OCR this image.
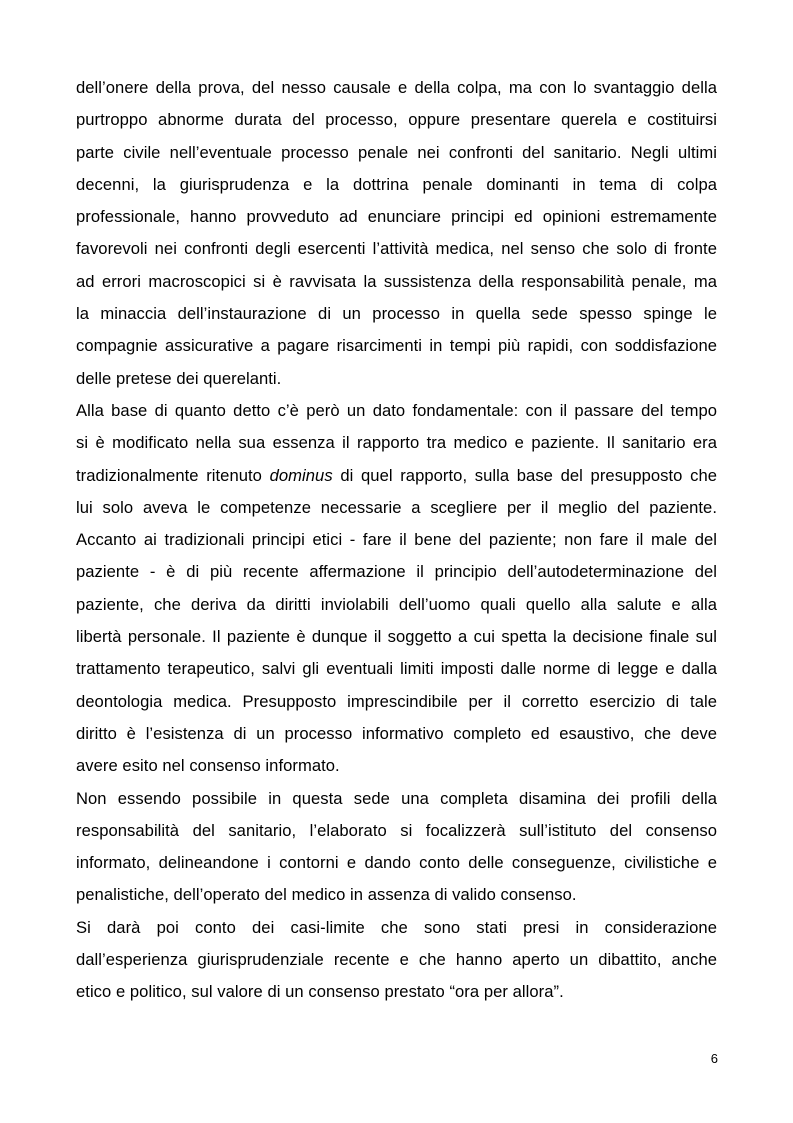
dell’onere della prova, del nesso causale e della colpa, ma con lo svantaggio della
purtroppo abnorme durata del processo, oppure presentare querela e costituirsi
parte civile nell’eventuale processo penale nei confronti del sanitario. Negli ultimi
decenni, la giurisprudenza e la dottrina penale dominanti in tema di colpa
professionale, hanno provveduto ad enunciare principi ed opinioni estremamente
favorevoli nei confronti degli esercenti l’attività medica, nel senso che solo di fronte
ad errori macroscopici si è ravvisata la sussistenza della responsabilità penale, ma
la minaccia dell’instaurazione di un processo in quella sede spesso spinge le
compagnie assicurative a pagare risarcimenti in tempi più rapidi, con soddisfazione
delle pretese dei querelanti.

Alla base di quanto detto c’è però un dato fondamentale: con il passare del tempo
si è modificato nella sua essenza il rapporto tra medico e paziente. Il sanitario era
tradizionalmente ritenuto dominus di quel rapporto, sulla base del presupposto che
lui solo aveva le competenze necessarie a scegliere per il meglio del paziente.
Accanto ai tradizionali principi etici - fare il bene del paziente; non fare il male del
paziente - è di più recente affermazione il principio dell’autodeterminazione del
paziente, che deriva da diritti inviolabili dell’uomo quali quello alla salute e alla
libertà personale. Il paziente è dunque il soggetto a cui spetta la decisione finale sul
trattamento terapeutico, salvi gli eventuali limiti imposti dalle norme di legge e dalla
deontologia medica. Presupposto imprescindibile per il corretto esercizio di tale
diritto è l’esistenza di un processo informativo completo ed esaustivo, che deve
avere esito nel consenso informato.

Non essendo possibile in questa sede una completa disamina dei profili della
responsabilità del sanitario, l’elaborato si focalizzerà sull’istituto del consenso
informato, delineandone i contorni e dando conto delle conseguenze, civilistiche e
penalistiche, dell’operato del medico in assenza di valido consenso.

Si darà poi conto dei casi-limite che sono stati presi in considerazione
dall’esperienza giurisprudenziale recente e che hanno aperto un dibattito, anche
etico e politico, sul valore di un consenso prestato “ora per allora”.

6
